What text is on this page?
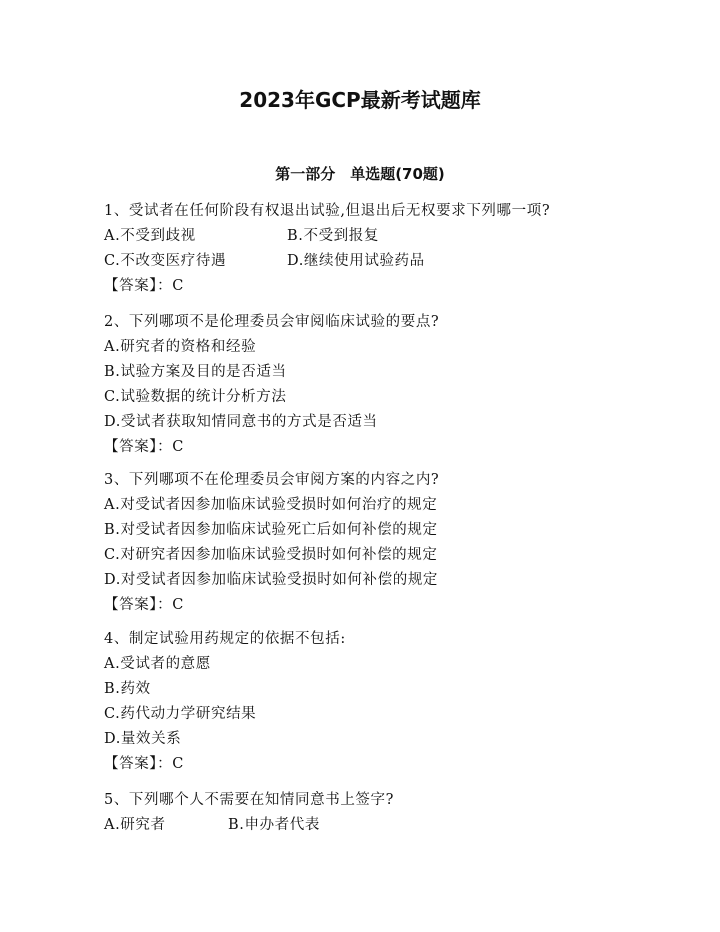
2023年GCP最新考试题库
第一部分　单选题(70题)
1、受试者在任何阶段有权退出试验,但退出后无权要求下列哪一项?
A.不受到歧视	B.不受到报复
C.不改变医疗待遇	D.继续使用试验药品
【答案】：C
2、下列哪项不是伦理委员会审阅临床试验的要点?
A.研究者的资格和经验
B.试验方案及目的是否适当
C.试验数据的统计分析方法
D.受试者获取知情同意书的方式是否适当
【答案】：C
3、下列哪项不在伦理委员会审阅方案的内容之内?
A.对受试者因参加临床试验受损时如何治疗的规定
B.对受试者因参加临床试验死亡后如何补偿的规定
C.对研究者因参加临床试验受损时如何补偿的规定
D.对受试者因参加临床试验受损时如何补偿的规定
【答案】：C
4、制定试验用药规定的依据不包括:
A.受试者的意愿
B.药效
C.药代动力学研究结果
D.量效关系
【答案】：C
5、下列哪个人不需要在知情同意书上签字?
A.研究者	B.申办者代表
